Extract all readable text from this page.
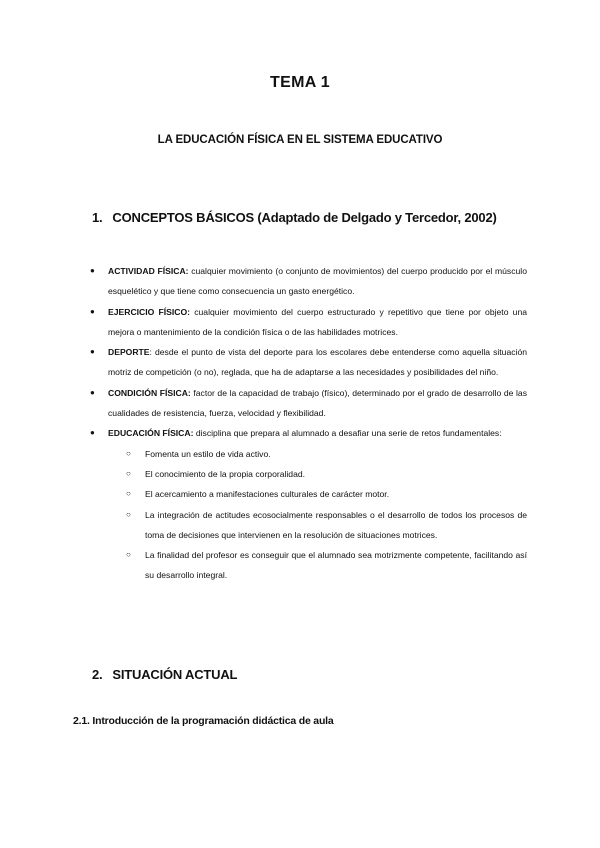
TEMA 1
LA EDUCACIÓN FÍSICA EN EL SISTEMA EDUCATIVO
1. CONCEPTOS BÁSICOS (Adaptado de Delgado y Tercedor, 2002)
● ACTIVIDAD FÍSICA: cualquier movimiento (o conjunto de movimientos) del cuerpo producido por el músculo esquelético y que tiene como consecuencia un gasto energético.
● EJERCICIO FÍSICO: cualquier movimiento del cuerpo estructurado y repetitivo que tiene por objeto una mejora o mantenimiento de la condición física o de las habilidades motrices.
● DEPORTE: desde el punto de vista del deporte para los escolares debe entenderse como aquella situación motriz de competición (o no), reglada, que ha de adaptarse a las necesidades y posibilidades del niño.
● CONDICIÓN FÍSICA: factor de la capacidad de trabajo (físico), determinado por el grado de desarrollo de las cualidades de resistencia, fuerza, velocidad y flexibilidad.
● EDUCACIÓN FÍSICA: disciplina que prepara al alumnado a desafiar una serie de retos fundamentales:
○ Fomenta un estilo de vida activo.
○ El conocimiento de la propia corporalidad.
○ El acercamiento a manifestaciones culturales de carácter motor.
○ La integración de actitudes ecosocialmente responsables o el desarrollo de todos los procesos de toma de decisiones que intervienen en la resolución de situaciones motrices.
○ La finalidad del profesor es conseguir que el alumnado sea motrizmente competente, facilitando así su desarrollo integral.
2. SITUACIÓN ACTUAL
2.1. Introducción de la programación didáctica de aula
